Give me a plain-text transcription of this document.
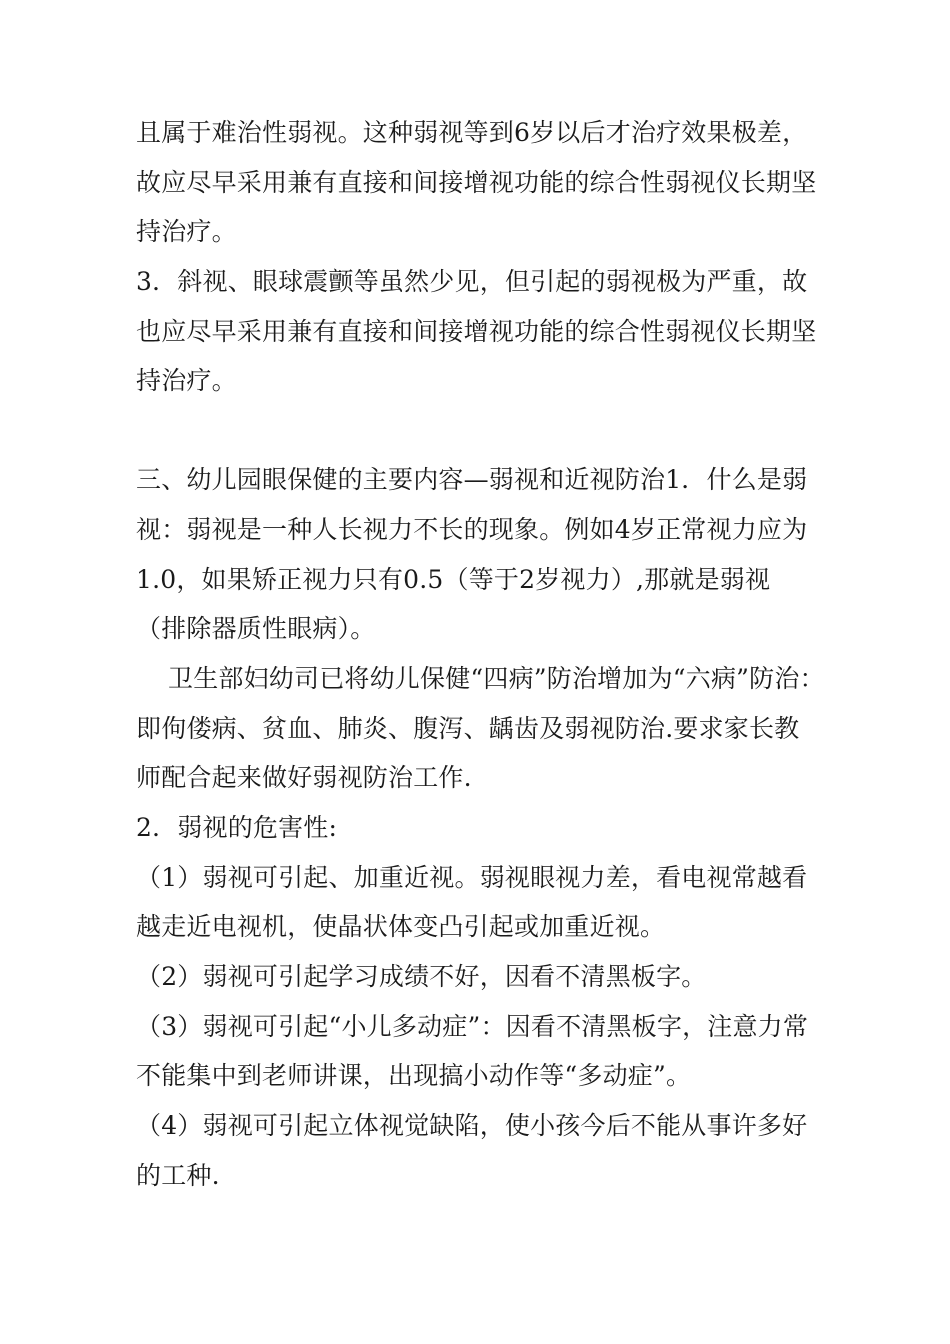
且属于难治性弱视。这种弱视等到6岁以后才治疗效果极差，
故应尽早采用兼有直接和间接增视功能的综合性弱视仪长期坚
持治疗。
3．斜视、眼球震颤等虽然少见，但引起的弱视极为严重，故
也应尽早采用兼有直接和间接增视功能的综合性弱视仪长期坚
持治疗。
三、幼儿园眼保健的主要内容—弱视和近视防治1．什么是弱
视：弱视是一种人长视力不长的现象。例如4岁正常视力应为
1.0，如果矫正视力只有0.5（等于2岁视力）,那就是弱视
（排除器质性眼病）。
卫生部妇幼司已将幼儿保健“四病”防治增加为“六病”防治：
即佝偻病、贫血、肺炎、腹泻、龋齿及弱视防治.要求家长教
师配合起来做好弱视防治工作.
2．弱视的危害性:
（1）弱视可引起、加重近视。弱视眼视力差，看电视常越看
越走近电视机，使晶状体变凸引起或加重近视。
（2）弱视可引起学习成绩不好，因看不清黑板字。
（3）弱视可引起“小儿多动症”：因看不清黑板字，注意力常
不能集中到老师讲课，出现搞小动作等“多动症”。
（4）弱视可引起立体视觉缺陷，使小孩今后不能从事许多好
的工种.
